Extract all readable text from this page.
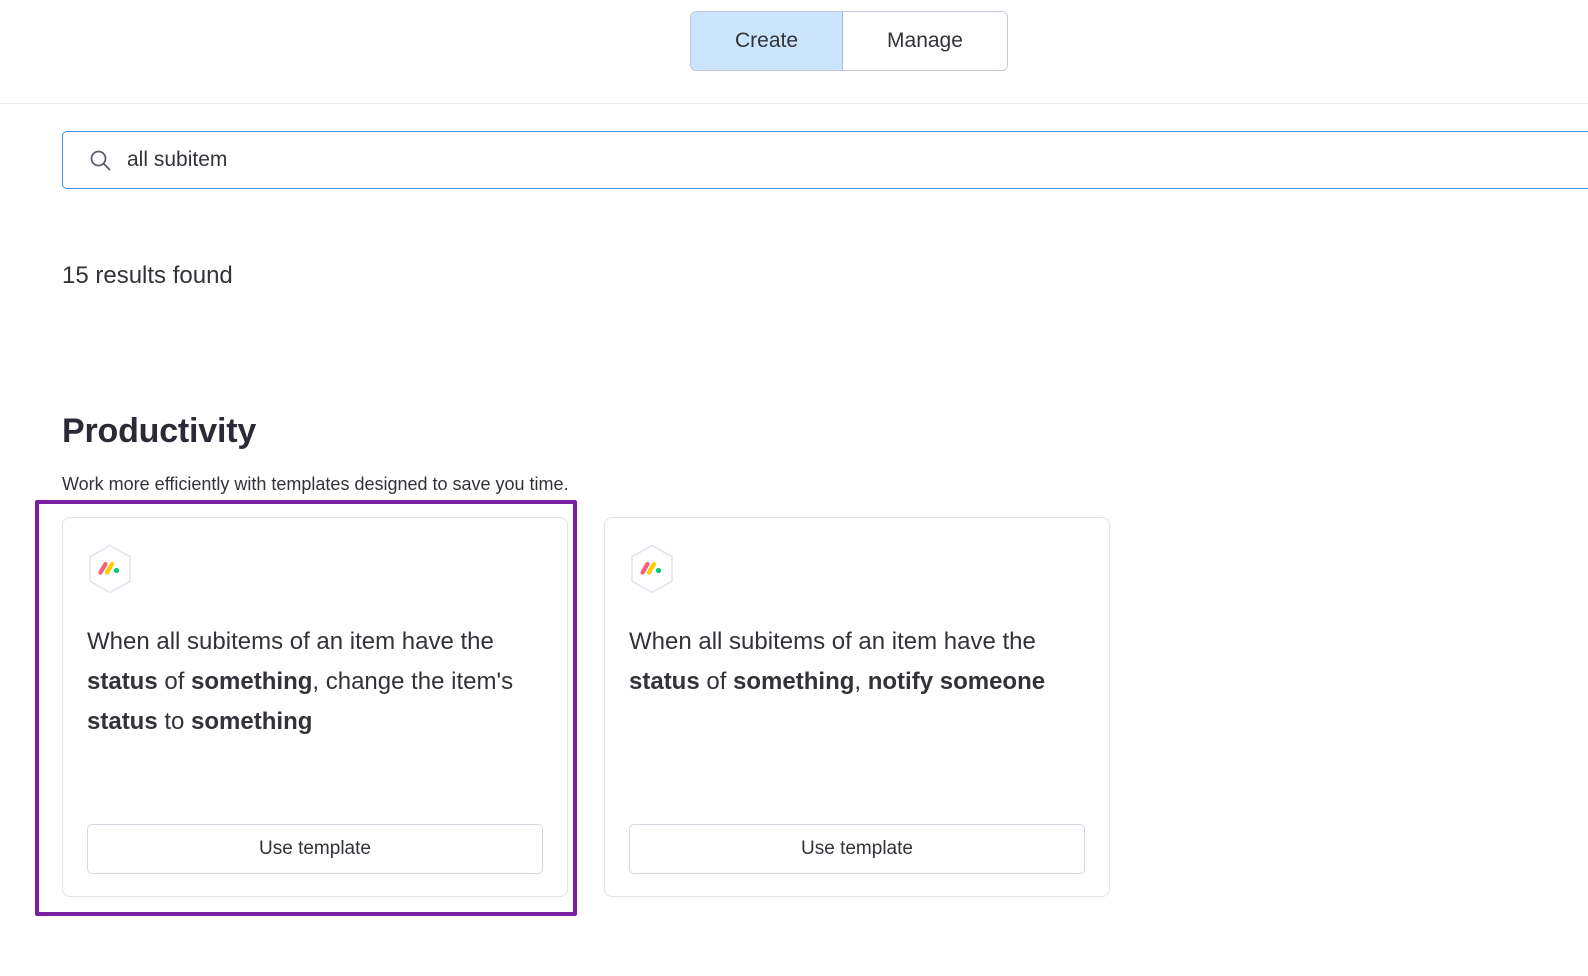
Create	Manage
all subitem
15 results found
Productivity
Work more efficiently with templates designed to save you time.
When all subitems of an item have the status of something, change the item's status to something
Use template
When all subitems of an item have the status of something, notify someone
Use template
